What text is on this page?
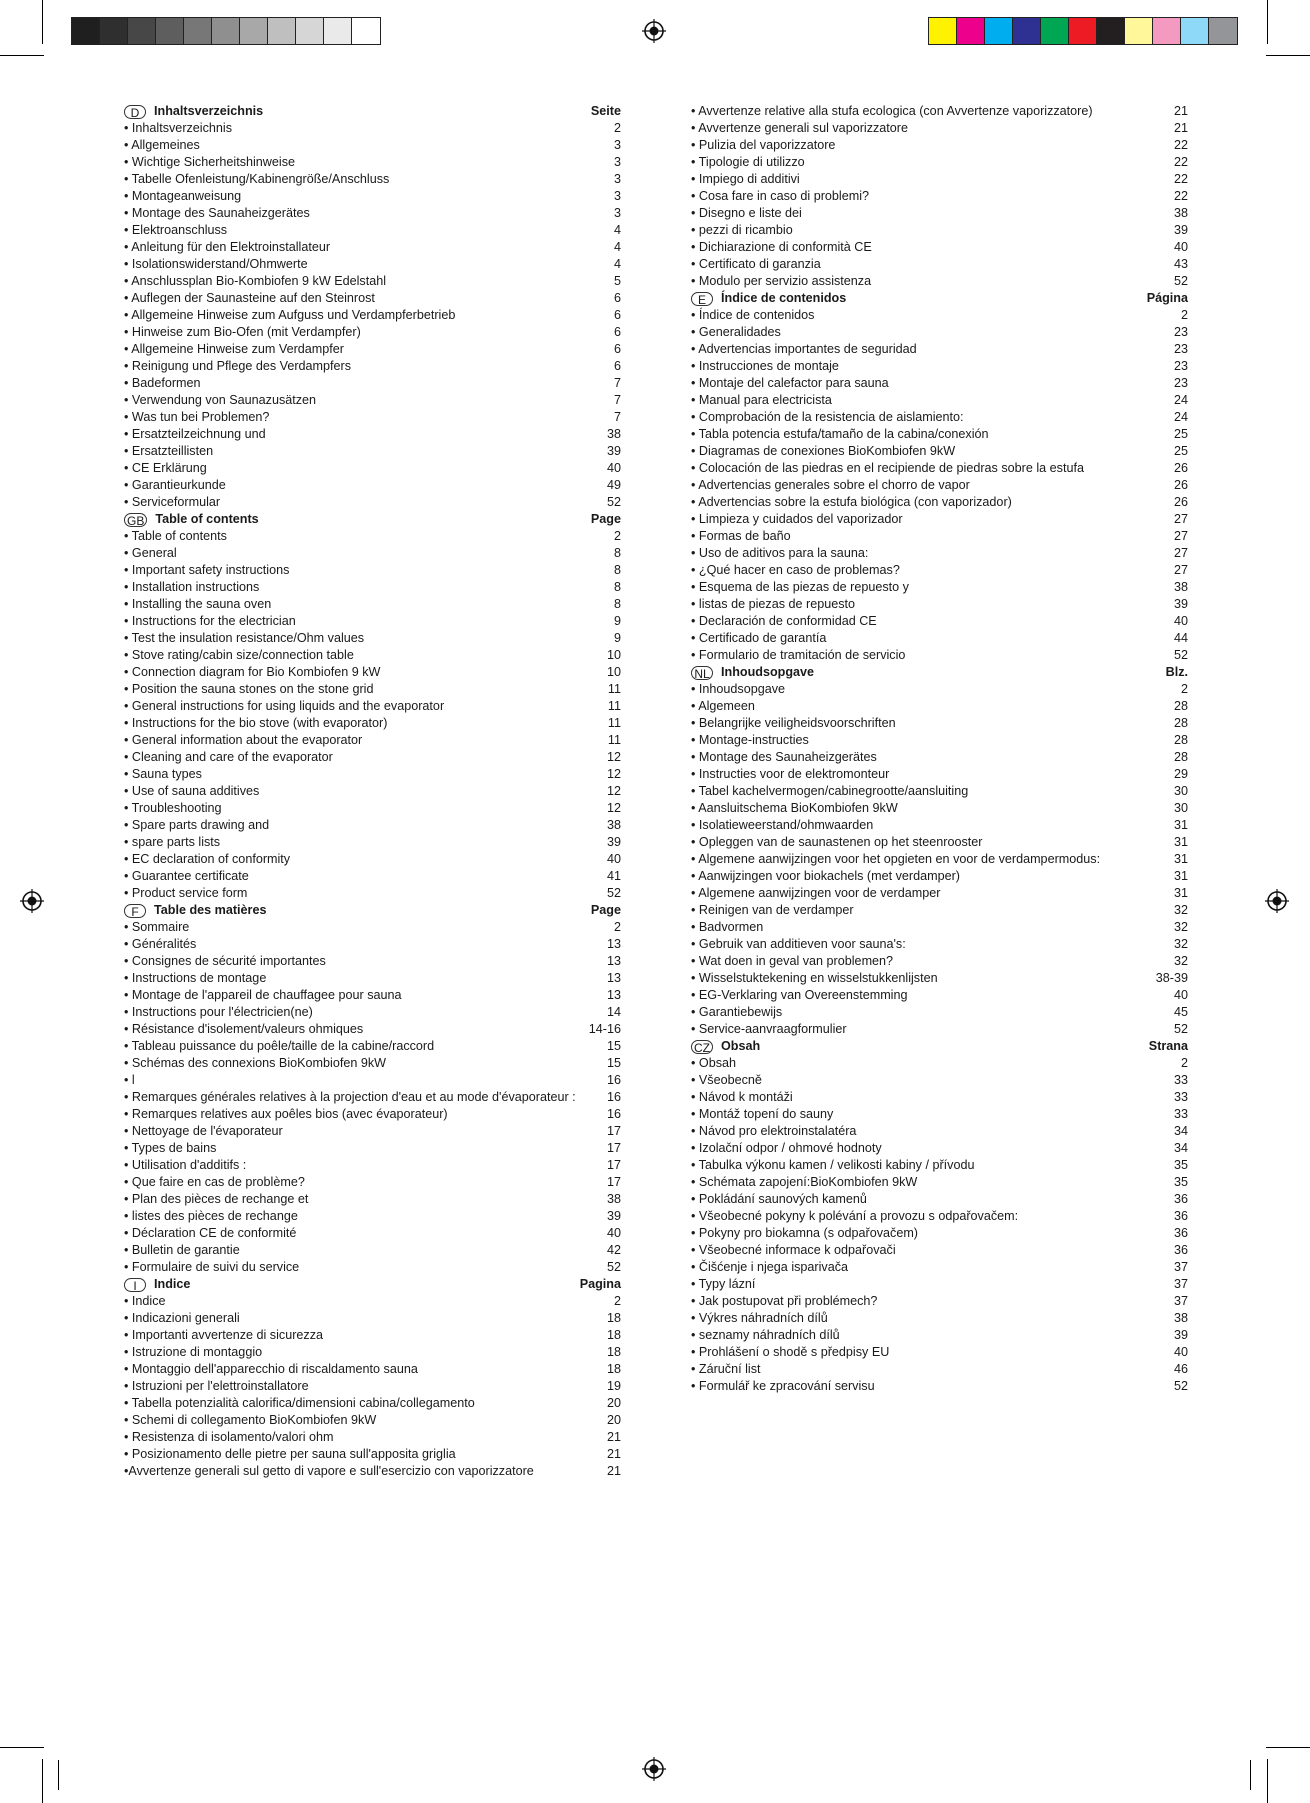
D	Inhaltsverzeichnis	Seite
• Inhaltsverzeichnis	2
• Allgemeines	3
• Wichtige Sicherheitshinweise	3
• Tabelle Ofenleistung/Kabinengröße/Anschluss	3
• Montageanweisung	3
• Montage des Saunaheizgerätes	3
• Elektroanschluss	4
• Anleitung für den Elektroinstallateur	4
• Isolationswiderstand/Ohmwerte	4
• Anschlussplan Bio-Kombiofen 9 kW Edelstahl	5
• Auflegen der Saunasteine auf den Steinrost	6
• Allgemeine Hinweise zum Aufguss und Verdampferbetrieb	6
• Hinweise zum Bio-Ofen (mit Verdampfer)	6
• Allgemeine Hinweise zum Verdampfer	6
• Reinigung und Pflege des Verdampfers	6
• Badeformen	7
• Verwendung von Saunazusätzen	7
• Was tun bei Problemen?	7
• Ersatzteilzeichnung und	38
• Ersatzteillisten	39
• CE Erklärung	40
• Garantieurkunde	49
• Serviceformular	52
GB Table of contents	Page
• Table of contents	2
• General	8
• Important safety instructions	8
• Installation instructions	8
• Installing the sauna oven	8
• Instructions for the electrician	9
• Test the insulation resistance/Ohm values	9
• Stove rating/cabin size/connection table	10
• Connection diagram for Bio Kombiofen 9 kW	10
• Position the sauna stones on the stone grid	11
• General instructions for using liquids and the evaporator	11
• Instructions for the bio stove (with evaporator)	11
• General information about the evaporator	11
• Cleaning and care of the evaporator	12
• Sauna types	12
• Use of sauna additives	12
• Troubleshooting	12
• Spare parts drawing and	38
• spare parts lists	39
• EC declaration of conformity	40
• Guarantee certificate	41
• Product service form	52
F	Table des matières	Page
• Sommaire	2
• Généralités	13
• Consignes de sécurité importantes	13
• Instructions de montage	13
• Montage de l'appareil de chauffagee pour sauna	13
• Instructions pour l'électricien(ne)	14
• Résistance d'isolement/valeurs ohmiques	14-16
• Tableau puissance du poêle/taille de la cabine/raccord	15
• Schémas des connexions BioKombiofen 9kW	15
• l	16
• Remarques générales relatives à la projection d'eau et au mode d'évaporateur :	16
• Remarques relatives aux poêles bios (avec évaporateur)	16
• Nettoyage de l'évaporateur	17
• Types de bains	17
• Utilisation d'additifs :	17
• Que faire en cas de problème?	17
• Plan des pièces de rechange et	38
• listes des pièces de rechange	39
• Déclaration CE de conformité	40
• Bulletin de garantie	42
• Formulaire de suivi du service	52
I	Indice	Pagina
• Indice	2
• Indicazioni generali	18
• Importanti avvertenze di sicurezza	18
• Istruzione di montaggio	18
• Montaggio dell'apparecchio di riscaldamento sauna	18
• Istruzioni per l'elettroinstallatore	19
• Tabella potenzialità calorifica/dimensioni cabina/collegamento	20
• Schemi di collegamento BioKombiofen 9kW	20
• Resistenza di isolamento/valori ohm	21
• Posizionamento delle pietre per sauna sull'apposita griglia	21
•Avvertenze generali sul getto di vapore e sull'esercizio con vaporizzatore	21
• Avvertenze relative alla stufa ecologica (con Avvertenze vaporizzatore)	21
• Avvertenze generali sul vaporizzatore	21
• Pulizia del vaporizzatore	22
• Tipologie di utilizzo	22
• Impiego di additivi	22
• Cosa fare in caso di problemi?	22
• Disegno e liste dei	38
• pezzi di ricambio	39
• Dichiarazione di conformità CE	40
• Certificato di garanzia	43
• Modulo per servizio assistenza	52
E	Índice de contenidos	Página
• Índice de contenidos	2
• Generalidades	23
• Advertencias importantes de seguridad	23
• Instrucciones de montaje	23
• Montaje del calefactor para sauna	23
• Manual para electricista	24
• Comprobación de la resistencia de aislamiento:	24
• Tabla potencia estufa/tamaño de la cabina/conexión	25
• Diagramas de conexiones BioKombiofen 9kW	25
• Colocación de las piedras en el recipiende de piedras sobre la estufa	26
• Advertencias generales sobre el chorro de vapor	26
• Advertencias sobre la estufa biológica (con vaporizador)	26
• Limpieza y cuidados del vaporizador	27
• Formas de baño	27
• Uso de aditivos para la sauna:	27
• ¿Qué hacer en caso de problemas?	27
• Esquema de las piezas de repuesto y	38
• listas de piezas de repuesto	39
• Declaración de conformidad CE	40
• Certificado de garantía	44
• Formulario de tramitación de servicio	52
NL Inhoudsopgave	Blz.
• Inhoudsopgave	2
• Algemeen	28
• Belangrijke veiligheidsvoorschriften	28
• Montage-instructies	28
• Montage des Saunaheizgerätes	28
• Instructies voor de elektromonteur	29
• Tabel kachelvermogen/cabinegrootte/aansluiting	30
• Aansluitschema BioKombiofen 9kW	30
• Isolatieweerstand/ohmwaarden	31
• Opleggen van de saunastenen op het steenrooster	31
• Algemene aanwijzingen voor het opgieten en voor de verdampermodus:	31
• Aanwijzingen voor biokachels (met verdamper)	31
• Algemene aanwijzingen voor de verdamper	31
• Reinigen van de verdamper	32
• Badvormen	32
• Gebruik van additieven voor sauna's:	32
• Wat doen in geval van problemen?	32
• Wisselstuktekening en wisselstukkenlijsten	38-39
• EG-Verklaring van Overeenstemming	40
• Garantiebewijs	45
• Service-aanvraagformulier	52
CZ Obsah	Strana
• Obsah	2
• Všeobecně	33
• Návod k montáži	33
• Montáž topení do sauny	33
• Návod pro elektroinstalatéra	34
• Izolační odpor / ohmové hodnoty	34
• Tabulka výkonu kamen / velikosti kabiny / přívodu	35
• Schémata zapojení:BioKombiofen 9kW	35
• Pokládání saunových kamenů	36
• Všeobecné pokyny k polévání a provozu s odpařovačem:	36
• Pokyny pro biokamna (s odpařovačem)	36
• Všeobecné informace k odpařovači	36
• Čišćenje i njega isparivača	37
• Typy lázní	37
• Jak postupovat při problémech?	37
• Výkres náhradních dílů	38
• seznamy náhradních dílů	39
• Prohlášení o shodě s předpisy EU	40
• Záruční list	46
• Formulář ke zpracování servisu	52
